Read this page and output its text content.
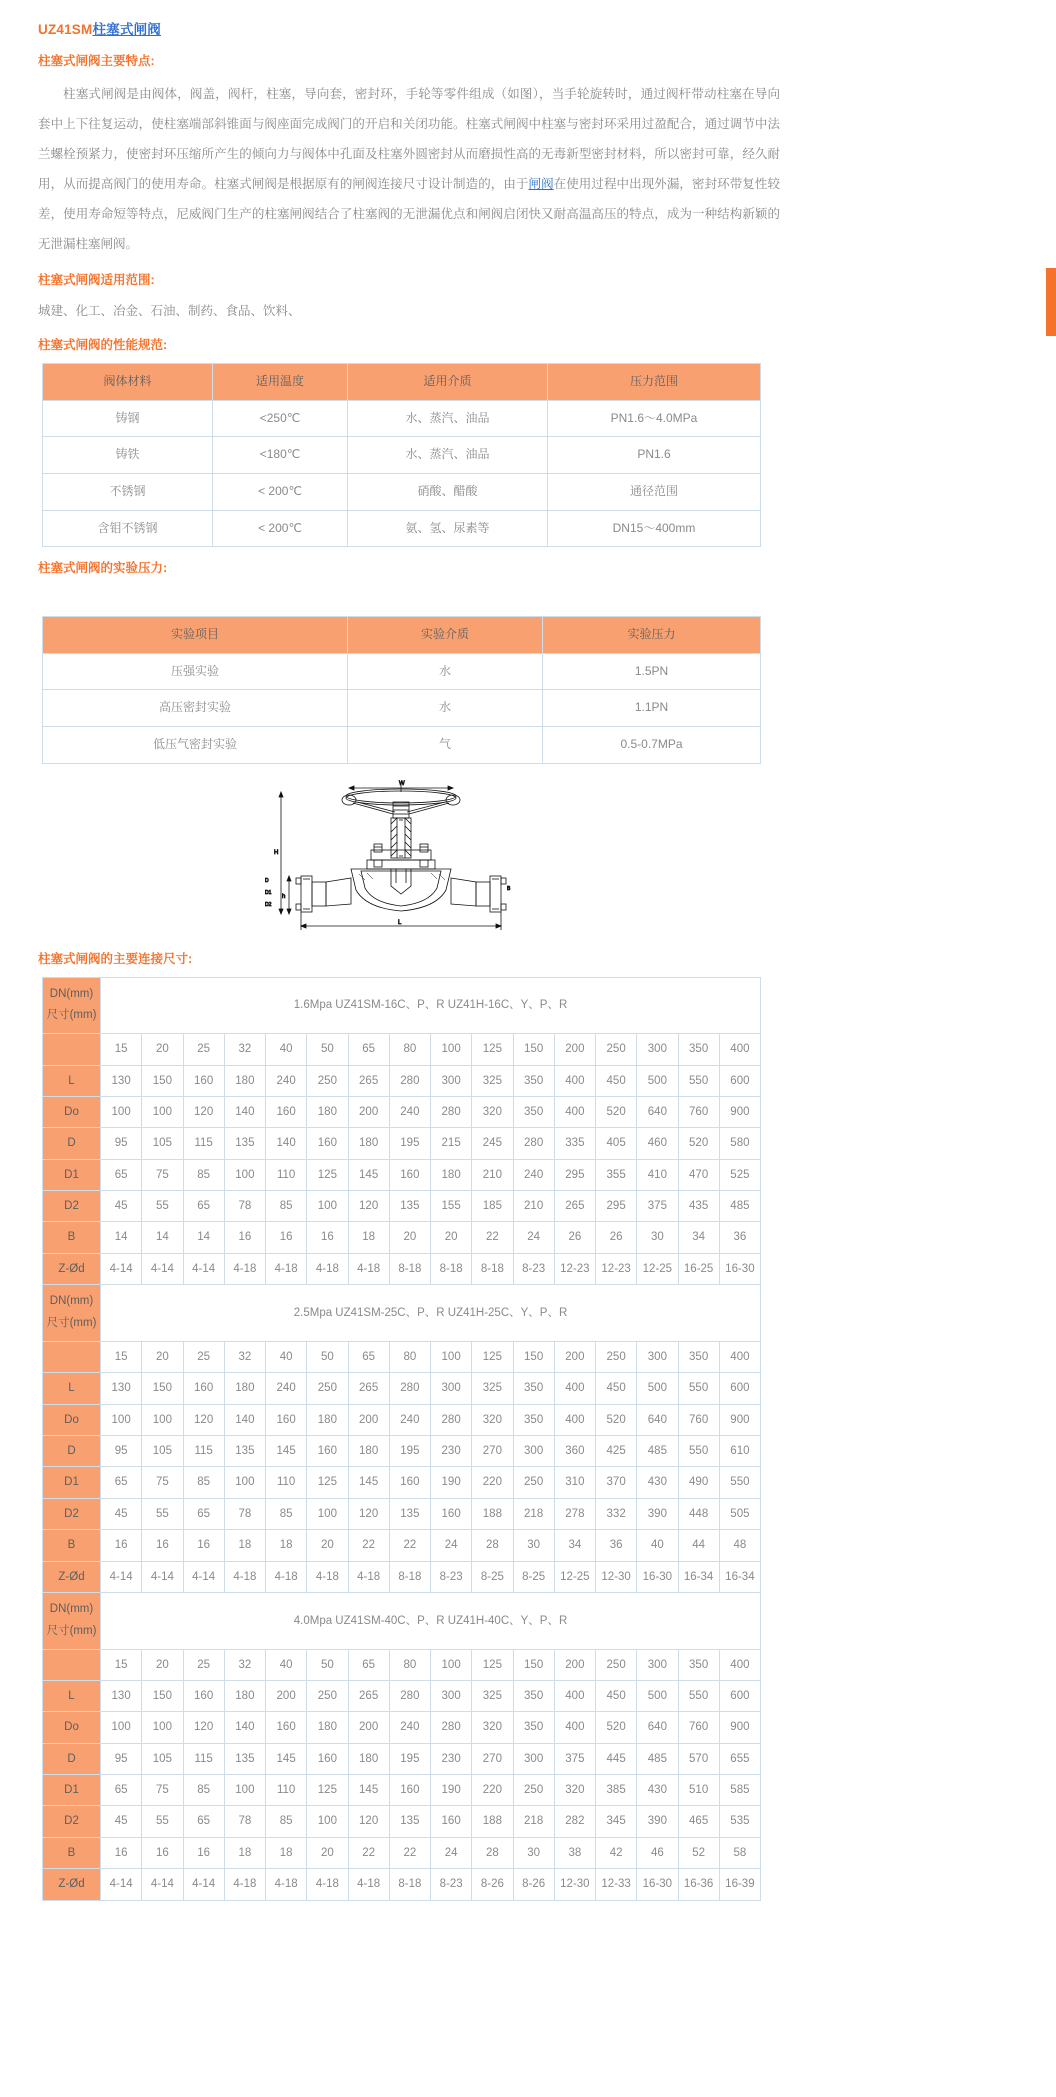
UZ41SM柱塞式闸阀
柱塞式闸阀主要特点:

柱塞式闸阀是由阀体，阀盖，阀杆，柱塞，导向套，密封环，手轮等零件组成（如图），当手轮旋转时，通过阀杆带动柱塞在导向套中上下往复运动，使柱塞端部斜锥面与阀座面完成阀门的开启和关闭功能。柱塞式闸阀中柱塞与密封环采用过盈配合，通过调节中法兰螺栓预紧力，使密封环压缩所产生的倾向力与阀体中孔面及柱塞外圆密封从而磨损性高的无毒新型密封材料，所以密封可靠，经久耐用，从而提高阀门的使用寿命。柱塞式闸阀是根据原有的闸阀连接尺寸设计制造的，由于闸阀在使用过程中出现外漏，密封环带复性较差，使用寿命短等特点，尼威阀门生产的柱塞闸阀结合了柱塞阀的无泄漏优点和闸阀启闭快又耐高温高压的特点，成为一种结构新颖的无泄漏柱塞闸阀。

柱塞式闸阀适用范围:

城建、化工、冶金、石油、制药、食品、饮料、

柱塞式闸阀的性能规范:
阀体材料	适用温度	适用介质	压力范围
铸钢	<250℃	水、蒸汽、油品	PN1.6～4.0MPa
铸铁	<180℃	水、蒸汽、油品	PN1.6
不锈钢	< 200℃	硝酸、醋酸	通径范围
含钼不锈钢	< 200℃	氨、氢、尿素等	DN15～400mm
柱塞式闸阀的实验压力:
实验项目	实验介质	实验压力
压强实验	水	1.5PN
高压密封实验	水	1.1PN
低压气密封实验	气	0.5-0.7MPa
W
H
h
L
D
D1
D2
B
柱塞式闸阀的主要连接尺寸:
DN(mm)
尺寸(mm)	1.6Mpa UZ41SM-16C、P、R UZ41H-16C、Y、P、R															
	15	20	25	32	40	50	65	80	100	125	150	200	250	300	350	400
L	130	150	160	180	240	250	265	280	300	325	350	400	450	500	550	600
Do	100	100	120	140	160	180	200	240	280	320	350	400	520	640	760	900
D	95	105	115	135	140	160	180	195	215	245	280	335	405	460	520	580
D1	65	75	85	100	110	125	145	160	180	210	240	295	355	410	470	525
D2	45	55	65	78	85	100	120	135	155	185	210	265	295	375	435	485
B	14	14	14	16	16	16	18	20	20	22	24	26	26	30	34	36
Z-Ød	4-14	4-14	4-14	4-18	4-18	4-18	4-18	8-18	8-18	8-18	8-23	12-23	12-23	12-25	16-25	16-30
DN(mm)
尺寸(mm)	2.5Mpa UZ41SM-25C、P、R UZ41H-25C、Y、P、R															
	15	20	25	32	40	50	65	80	100	125	150	200	250	300	350	400
L	130	150	160	180	240	250	265	280	300	325	350	400	450	500	550	600
Do	100	100	120	140	160	180	200	240	280	320	350	400	520	640	760	900
D	95	105	115	135	145	160	180	195	230	270	300	360	425	485	550	610
D1	65	75	85	100	110	125	145	160	190	220	250	310	370	430	490	550
D2	45	55	65	78	85	100	120	135	160	188	218	278	332	390	448	505
B	16	16	16	18	18	20	22	22	24	28	30	34	36	40	44	48
Z-Ød	4-14	4-14	4-14	4-18	4-18	4-18	4-18	8-18	8-23	8-25	8-25	12-25	12-30	16-30	16-34	16-34
DN(mm)
尺寸(mm)	4.0Mpa UZ41SM-40C、P、R UZ41H-40C、Y、P、R															
	15	20	25	32	40	50	65	80	100	125	150	200	250	300	350	400
L	130	150	160	180	200	250	265	280	300	325	350	400	450	500	550	600
Do	100	100	120	140	160	180	200	240	280	320	350	400	520	640	760	900
D	95	105	115	135	145	160	180	195	230	270	300	375	445	485	570	655
D1	65	75	85	100	110	125	145	160	190	220	250	320	385	430	510	585
D2	45	55	65	78	85	100	120	135	160	188	218	282	345	390	465	535
B	16	16	16	18	18	20	22	22	24	28	30	38	42	46	52	58
Z-Ød	4-14	4-14	4-14	4-18	4-18	4-18	4-18	8-18	8-23	8-26	8-26	12-30	12-33	16-30	16-36	16-39
